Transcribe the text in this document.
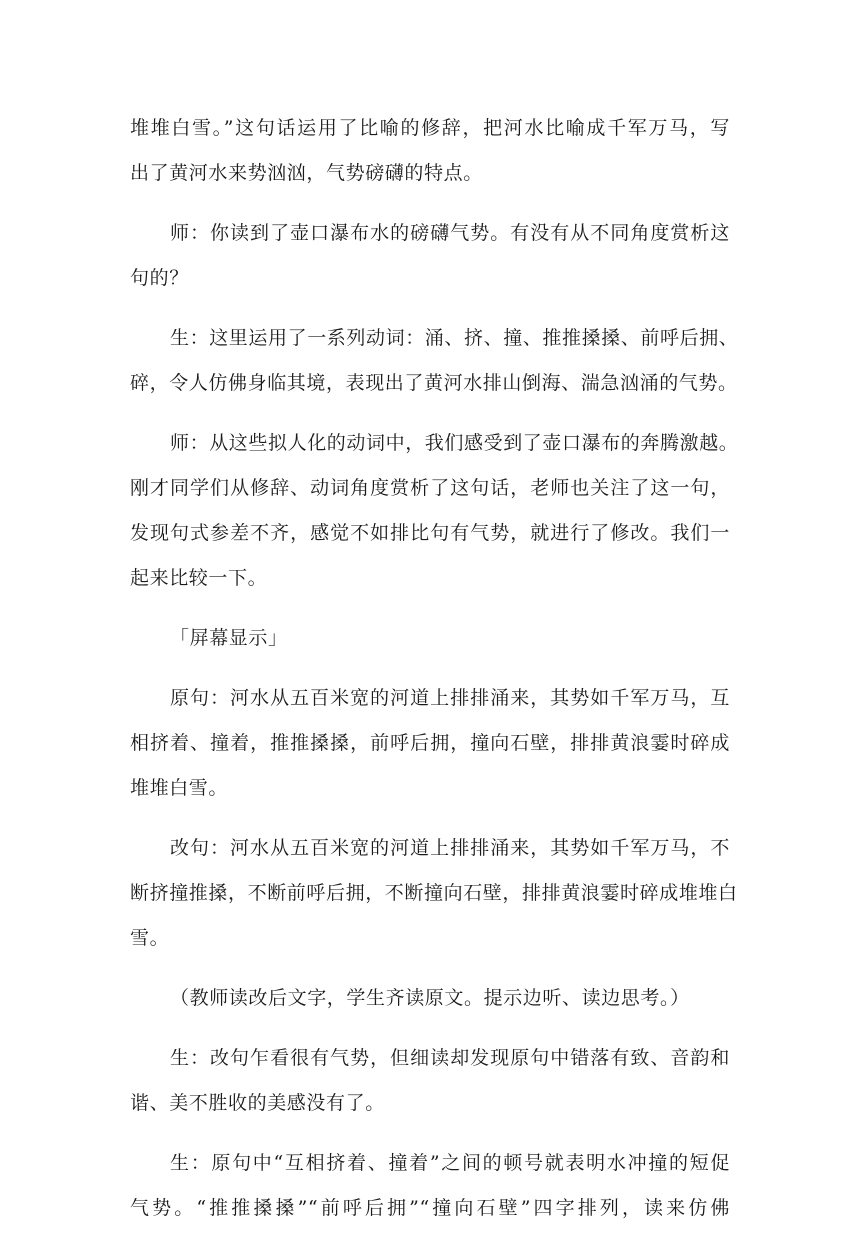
堆堆白雪。”这句话运用了比喻的修辞，把河水比喻成千军万马，写
出了黄河水来势汹汹，气势磅礴的特点。

师：你读到了壶口瀑布水的磅礴气势。有没有从不同角度赏析这
句的？

生：这里运用了一系列动词：涌、挤、撞、推推搡搡、前呼后拥、
碎，令人仿佛身临其境，表现出了黄河水排山倒海、湍急汹涌的气势。

师：从这些拟人化的动词中，我们感受到了壶口瀑布的奔腾激越。
刚才同学们从修辞、动词角度赏析了这句话，老师也关注了这一句，
发现句式参差不齐，感觉不如排比句有气势，就进行了修改。我们一
起来比较一下。

「屏幕显示」

原句：河水从五百米宽的河道上排排涌来，其势如千军万马，互
相挤着、撞着，推推搡搡，前呼后拥，撞向石壁，排排黄浪霎时碎成
堆堆白雪。

改句：河水从五百米宽的河道上排排涌来，其势如千军万马，不
断挤撞推搡，不断前呼后拥，不断撞向石壁，排排黄浪霎时碎成堆堆白
雪。

（教师读改后文字，学生齐读原文。提示边听、读边思考。）

生：改句乍看很有气势，但细读却发现原句中错落有致、音韵和
谐、美不胜收的美感没有了。

生：原句中“互相挤着、撞着”之间的顿号就表明水冲撞的短促
气势。“推推搡搡”“前呼后拥”“撞向石壁”四字排列，读来仿佛
